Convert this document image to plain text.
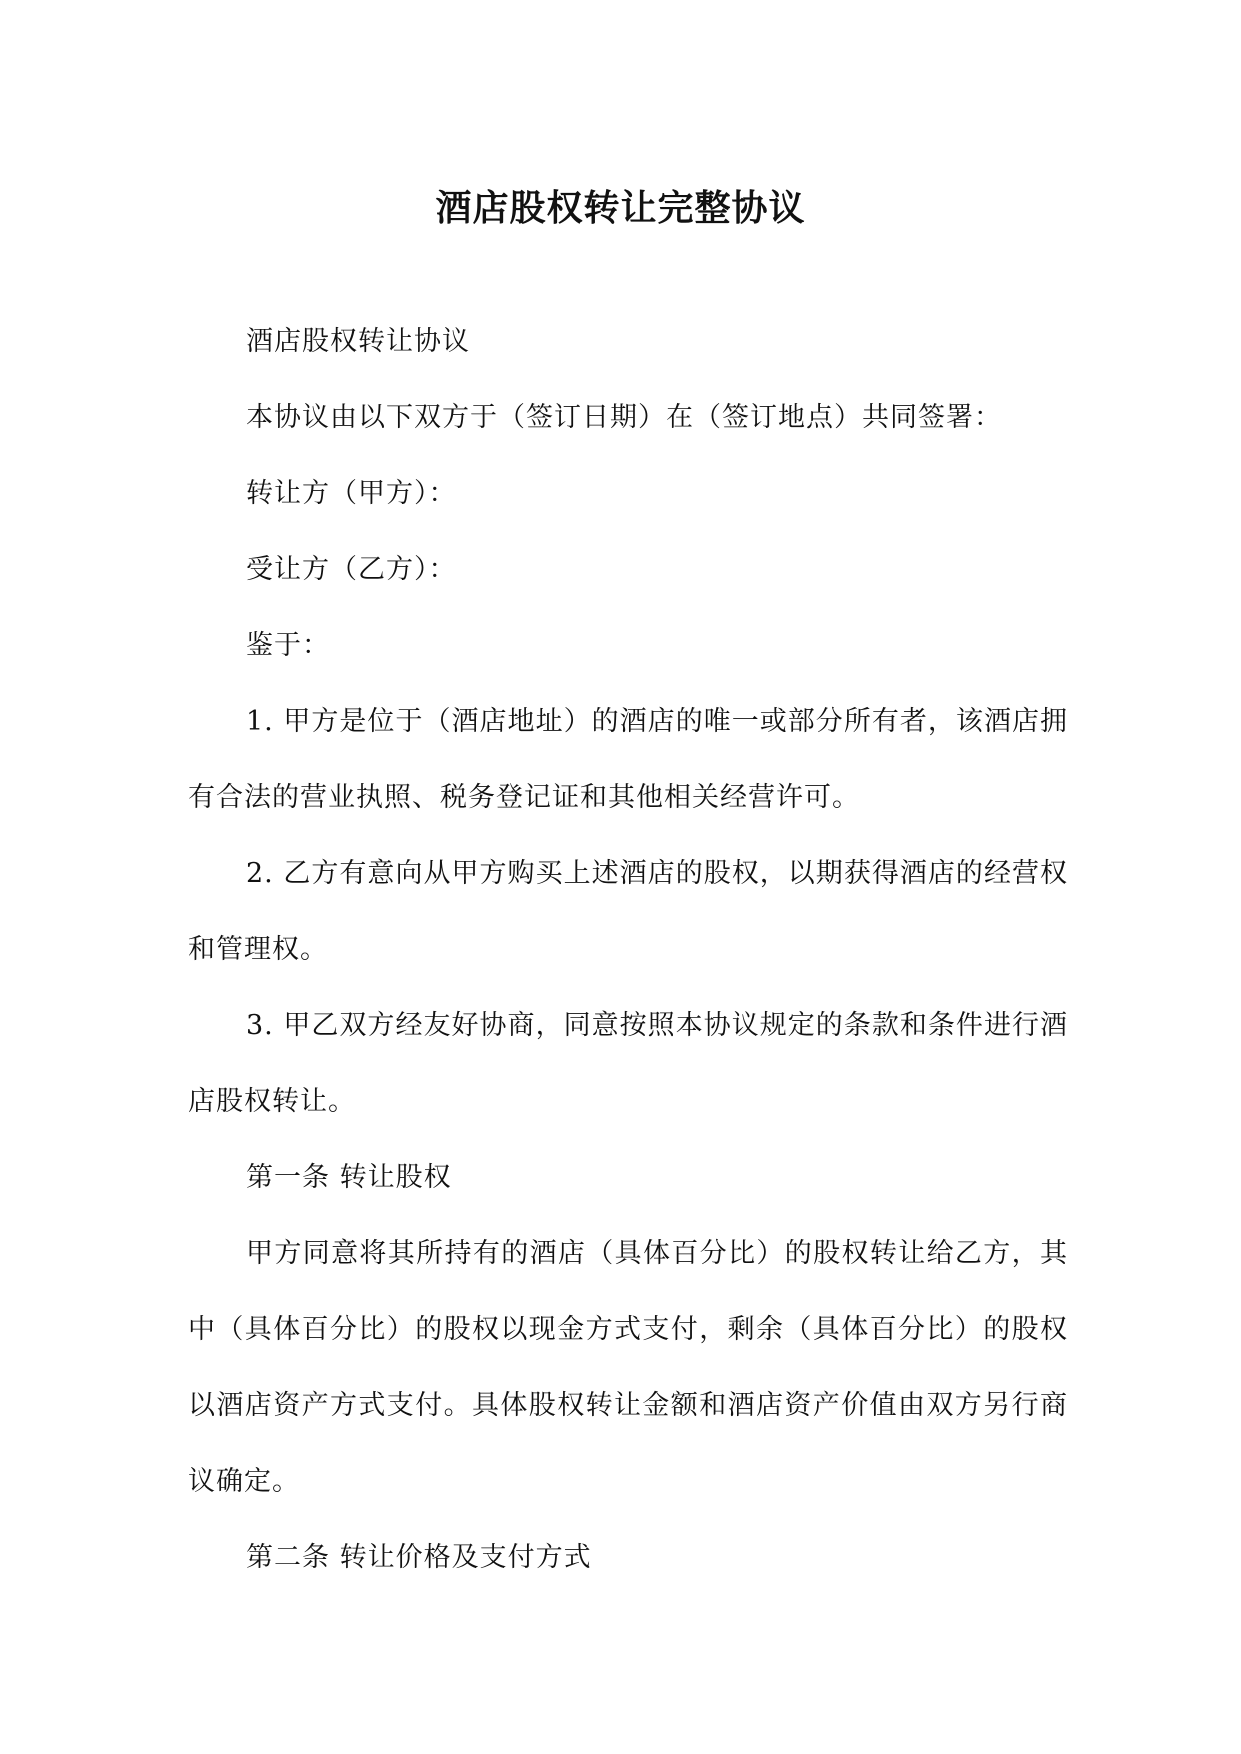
酒店股权转让完整协议

酒店股权转让协议

本协议由以下双方于（签订日期）在（签订地点）共同签署：

转让方（甲方）：

受让方（乙方）：

鉴于：

1. 甲方是位于（酒店地址）的酒店的唯一或部分所有者，该酒店拥有合法的营业执照、税务登记证和其他相关经营许可。

2. 乙方有意向从甲方购买上述酒店的股权，以期获得酒店的经营权和管理权。

3. 甲乙双方经友好协商，同意按照本协议规定的条款和条件进行酒店股权转让。

第一条 转让股权

甲方同意将其所持有的酒店（具体百分比）的股权转让给乙方，其中（具体百分比）的股权以现金方式支付，剩余（具体百分比）的股权以酒店资产方式支付。具体股权转让金额和酒店资产价值由双方另行商议确定。

第二条 转让价格及支付方式
